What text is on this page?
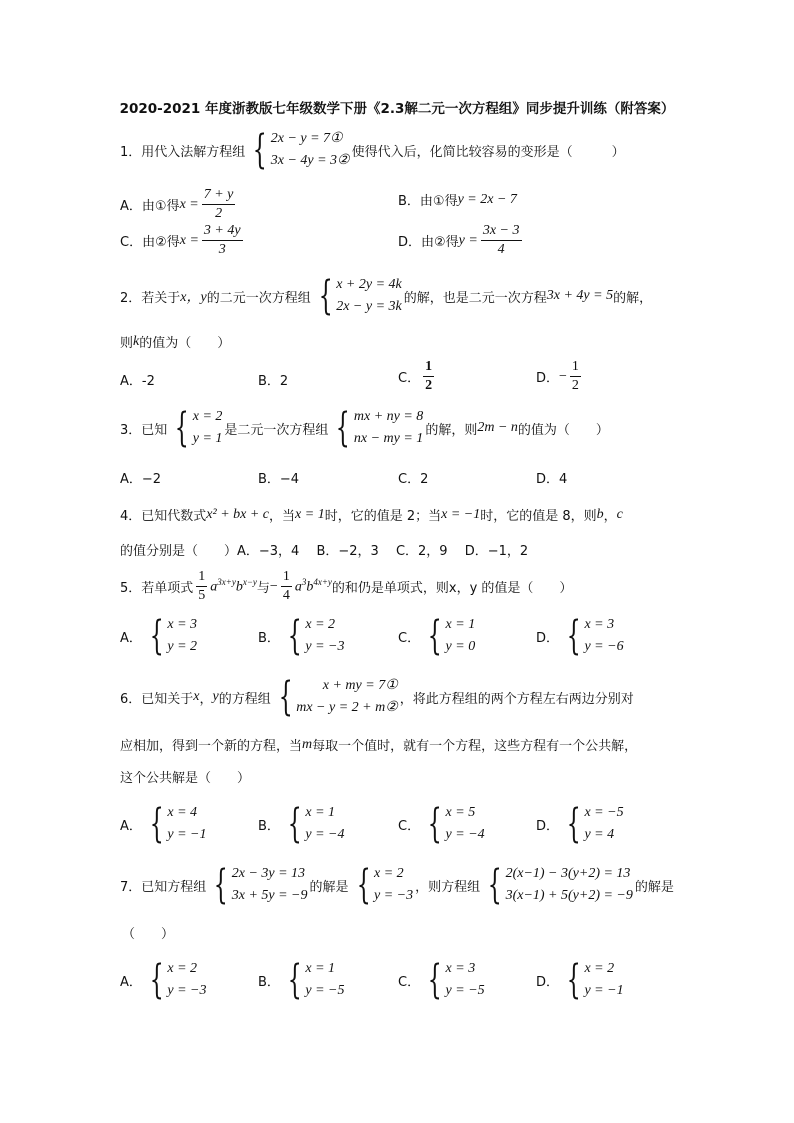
2020-2021 年度浙教版七年级数学下册《2.3解二元一次方程组》同步提升训练（附答案）
1．用代入法解方程组 { 2x − y = 7①
3x − 4y = 3②
使得代入后，化简比较容易的变形是（　　　）
A．由①得 $x = \frac{7 + y}{2}$	B．由①得 y = 2x − 7
C．由②得 $x = \frac{3 + 4y}{3}$	D．由②得 $y = \frac{3x - 3}{4}$
2．若关于 x，y 的二元一次方程组 { x + 2y = 4k
2x − y = 3k
的解，也是二元一次方程 3x + 4y = 5 的解，
则 k 的值为（　　）
A．-2	B．2	C． $\frac{1}{2}$	D． − $\frac{1}{2}$
3．已知 { x = 2
y = 1
是二元一次方程组 { mx + ny = 8
nx − my = 1
的解，则 2m − n 的值为（　　）
A．−2	B．−4	C．2	D．4
4．已知代数式 x² + bx + c ，当 x = 1 时，它的值是 2；当 x = −1 时，它的值是 8，则 b ， c
的值分别是（　　）A．−3，4　 B．−2，3　 C．2，9　 D．−1，2
5．若单项式 $\frac{1}{5} a^{3x+y}b^{x-y}$ 与 − $\frac{1}{4} a^3b^{4x+y}$ 的和仍是单项式，则x，y 的值是（　　）
A． { x = 3
y = 2
B． { x = 2
y = −3
C． { x = 1
y = 0
D． { x = 3
y = −6
6．已知关于 x ， y 的方程组 { x + my = 7①
mx − y = 2 + m②
，将此方程组的两个方程左右两边分别对
应相加，得到一个新的方程，当 m 每取一个值时，就有一个方程，这些方程有一个公共解，
这个公共解是（　　）
A． { x = 4
y = −1
B． { x = 1
y = −4
C． { x = 5
y = −4
D． { x = −5
y = 4
7．已知方程组 { 2x − 3y = 13
3x + 5y = −9
的解是 { x = 2
y = −3
，则方程组 { 2(x−1) − 3(y+2) = 13
3(x−1) + 5(y+2) = −9
的解是
（　　）
A． { x = 2
y = −3
B． { x = 1
y = −5
C． { x = 3
y = −5
D． { x = 2
y = −1
